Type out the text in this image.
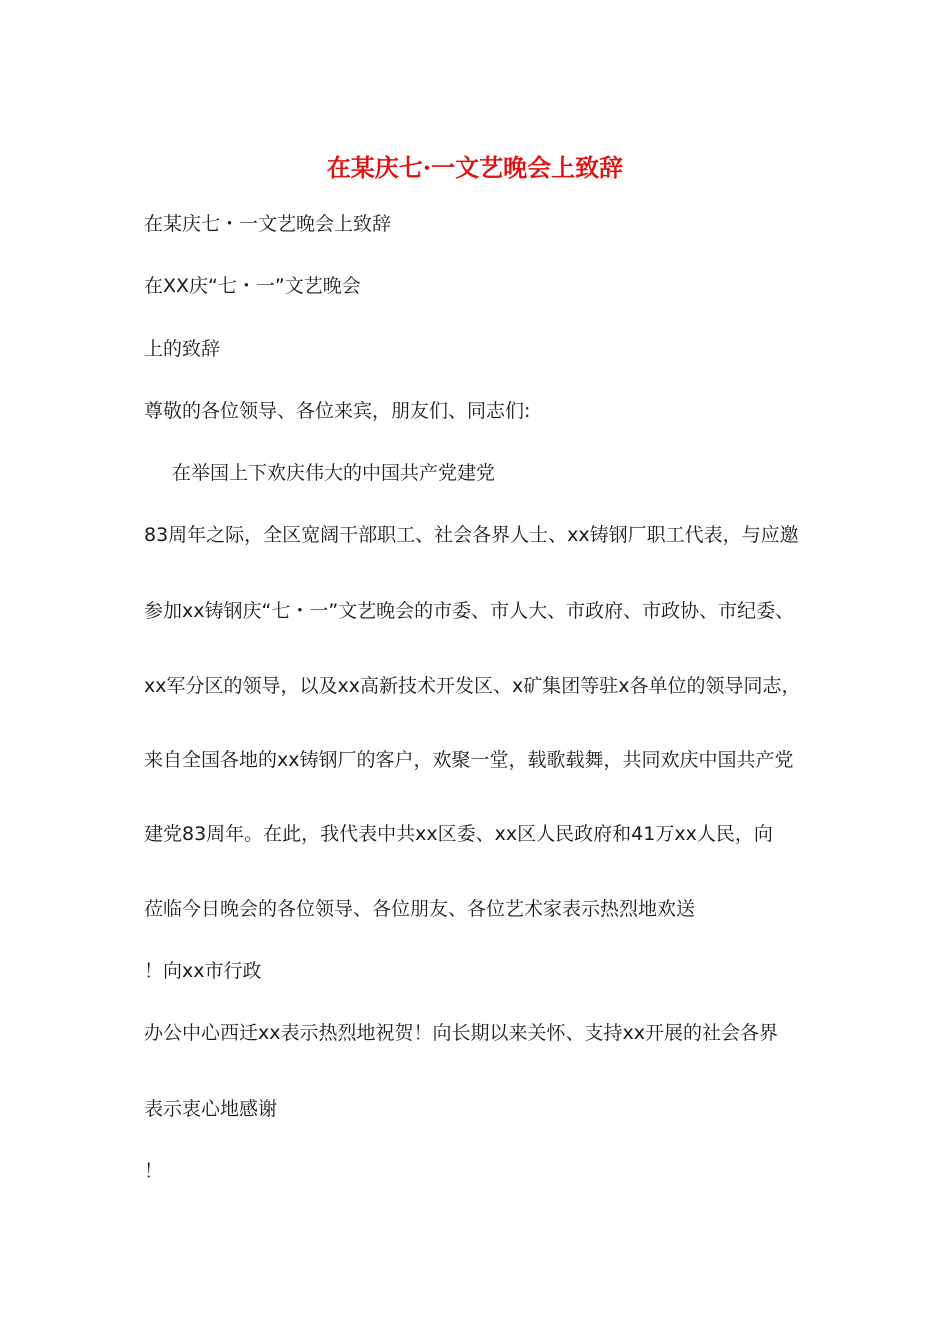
在某庆七·一文艺晚会上致辞

在某庆七・一文艺晚会上致辞

在XX庆“七・一”文艺晚会

上的致辞

尊敬的各位领导、各位来宾，朋友们、同志们:

在举国上下欢庆伟大的中国共产党建党

83周年之际，全区宽阔干部职工、社会各界人士、xx铸钢厂职工代表，与应邀

参加xx铸钢庆“七・一”文艺晚会的市委、市人大、市政府、市政协、市纪委、

xx军分区的领导，以及xx高新技术开发区、x矿集团等驻x各单位的领导同志，

来自全国各地的xx铸钢厂的客户，欢聚一堂，载歌载舞，共同欢庆中国共产党

建党83周年。在此，我代表中共xx区委、xx区人民政府和41万xx人民，向

莅临今日晚会的各位领导、各位朋友、各位艺术家表示热烈地欢送

！向xx市行政

办公中心西迁xx表示热烈地祝贺！向长期以来关怀、支持xx开展的社会各界

表示衷心地感谢

！
